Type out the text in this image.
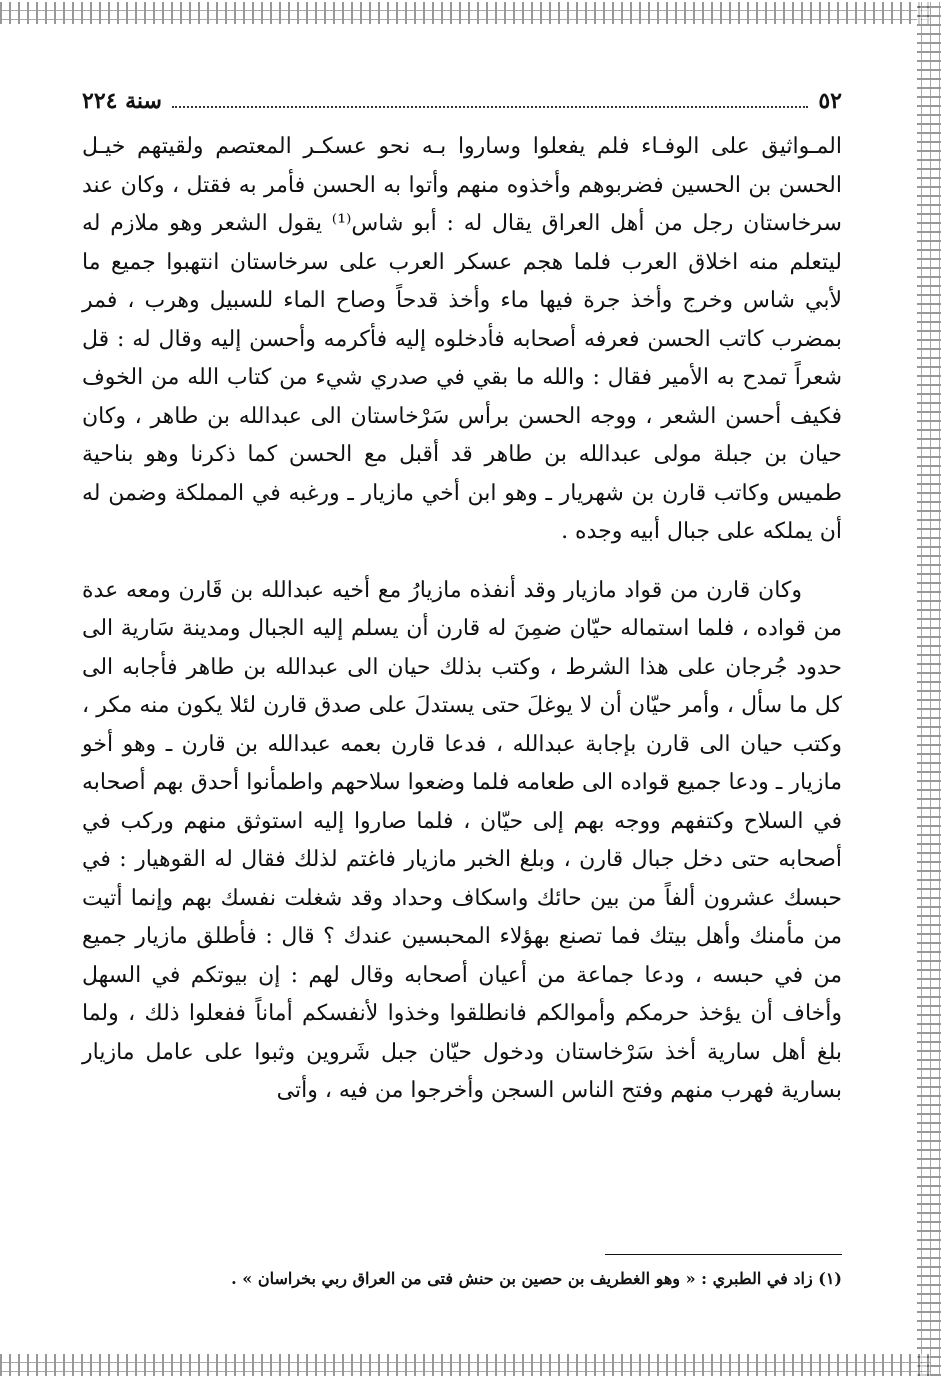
٥٢
سنة ٢٢٤

المـواثيق على الوفـاء فلم يفعلوا وساروا بـه نحو عسكـر المعتصم ولقيتهم خيـل الحسن بن الحسين فضربوهم وأخذوه منهم وأتوا به الحسن فأمر به فقتل ، وكان عند سرخاستان رجل من أهل العراق يقال له : أبو شاس⁽¹⁾ يقول الشعر وهو ملازم له ليتعلم منه اخلاق العرب فلما هجم عسكر العرب على سرخاستان انتهبوا جميع ما لأبي شاس وخرج وأخذ جرة فيها ماء وأخذ قدحاً وصاح الماء للسبيل وهرب ، فمر بمضرب كاتب الحسن فعرفه أصحابه فأدخلوه إليه فأكرمه وأحسن إليه وقال له : قل شعراً تمدح به الأمير فقال : والله ما بقي في صدري شيء من كتاب الله من الخوف فكيف أحسن الشعر ، ووجه الحسن برأس سَرْخاستان الى عبدالله بن طاهر ، وكان حيان بن جبلة مولى عبدالله بن طاهر قد أقبل مع الحسن كما ذكرنا وهو بناحية طميس وكاتب قارن بن شهريار ـ وهو ابن أخي مازيار ـ ورغبه في المملكة وضمن له أن يملكه على جبال أبيه وجده .

وكان قارن من قواد مازيار وقد أنفذه مازيارُ مع أخيه عبدالله بن قَارن ومعه عدة من قواده ، فلما استماله حيّان ضمِنَ له قارن أن يسلم إليه الجبال ومدينة سَارية الى حدود جُرجان على هذا الشرط ، وكتب بذلك حيان الى عبدالله بن طاهر فأجابه الى كل ما سأل ، وأمر حيّان أن لا يوغلَ حتى يستدلَ على صدق قارن لئلا يكون منه مكر ، وكتب حيان الى قارن بإجابة عبدالله ، فدعا قارن بعمه عبدالله بن قارن ـ وهو أخو مازيار ـ ودعا جميع قواده الى طعامه فلما وضعوا سلاحهم واطمأنوا أحدق بهم أصحابه في السلاح وكتفهم ووجه بهم إلى حيّان ، فلما صاروا إليه استوثق منهم وركب في أصحابه حتى دخل جبال قارن ، وبلغ الخبر مازيار فاغتم لذلك فقال له القوهيار : في حبسك عشرون ألفاً من بين حائك واسكاف وحداد وقد شغلت نفسك بهم وإنما أتيت من مأمنك وأهل بيتك فما تصنع بهؤلاء المحبسين عندك ؟ قال : فأطلق مازيار جميع من في حبسه ، ودعا جماعة من أعيان أصحابه وقال لهم : إن بيوتكم في السهل وأخاف أن يؤخذ حرمكم وأموالكم فانطلقوا وخذوا لأنفسكم أماناً ففعلوا ذلك ، ولما بلغ أهل سارية أخذ سَرْخاستان ودخول حيّان جبل شَروين وثبوا على عامل مازيار بسارية فهرب منهم وفتح الناس السجن وأخرجوا من فيه ، وأتى

(١) زاد في الطبري : « وهو الغطريف بن حصين بن حنش فتى من العراق ربي بخراسان » .
